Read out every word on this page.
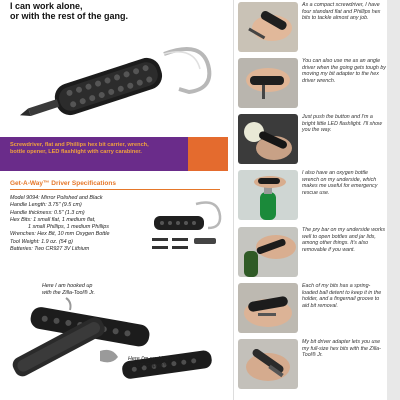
I can work alone,
or with the rest of the gang.
Screwdriver, flat and Phillips hex bit carrier, wrench,
bottle opener, LED flashlight with carry carabiner.
Get-A-Way™ Driver Specifications
Model 9094: Mirror Polished and Black
Handle Length: 3.75" (9.5 cm)
Handle thickness: 0.5" (1.3 cm)
Hex Bits: 1 small flat, 1 medium flat,
1 small Phillips, 1 medium Phillips
Wrenches: Hex Bit, 10 mm Oxygen Bottle
Tool Weight: 1.9 oz. (54 g)
Batteries: Two CR927 3V Lithium
Here I am hooked up
with the Zilla-Tool® Jr.
Here I'm working with
the UT Guppie™.
As a compact screwdriver, I have four standard flat and Phillips hex bits to tackle almost any job.
You can also use me as an angle driver when the going gets tough by moving my bit adapter to the hex driver wrench.
Just push the button and I'm a bright little LED flashlight. I'll show you the way.
I also have an oxygen bottle wrench on my underside, which makes me useful for emergency rescue use.
The pry bar on my underside works well to open bottles and jar lids, among other things. It's also removable if you want.
Each of my bits has a spring-loaded ball detent to keep it in the holder, and a fingernail groove to aid bit removal.
My bit driver adapter lets you use my full-size hex bits with the Zilla-Tool® Jr.
